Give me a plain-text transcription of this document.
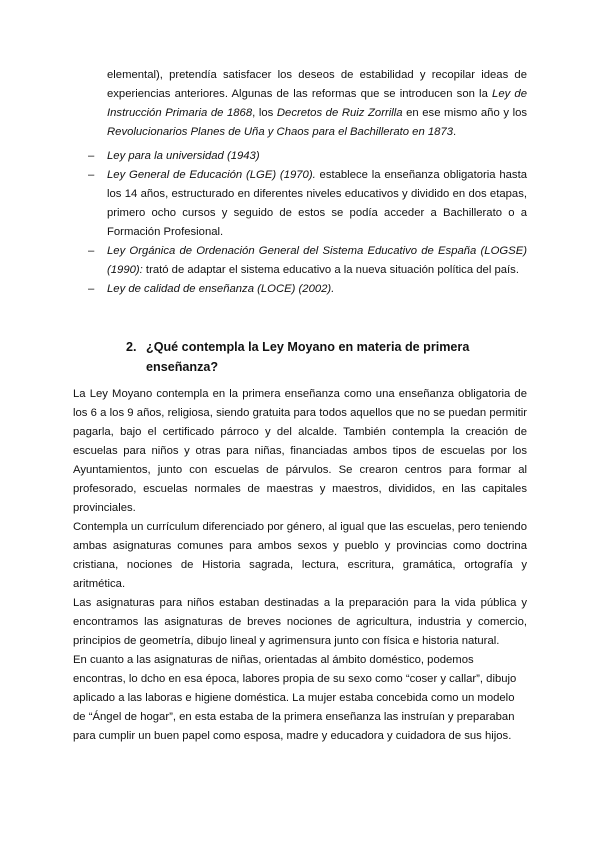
elemental), pretendía satisfacer los deseos de estabilidad y recopilar ideas de experiencias anteriores. Algunas de las reformas que se introducen son la Ley de Instrucción Primaria de 1868, los Decretos de Ruiz Zorrilla en ese mismo año y los Revolucionarios Planes de Uña y Chaos para el Bachillerato en 1873.

–	Ley para la universidad (1943)

–	Ley General de Educación (LGE) (1970). establece la enseñanza obligatoria hasta los 14 años, estructurado en diferentes niveles educativos y dividido en dos etapas, primero ocho cursos y seguido de estos se podía acceder a Bachillerato o a Formación Profesional.

–	Ley Orgánica de Ordenación General del Sistema Educativo de España (LOGSE) (1990): trató de adaptar el sistema educativo a la nueva situación política del país.

–	Ley de calidad de enseñanza (LOCE) (2002).

2. ¿Qué contempla la Ley Moyano en materia de primera enseñanza?

La Ley Moyano contempla en la primera enseñanza como una enseñanza obligatoria de los 6 a los 9 años, religiosa, siendo gratuita para todos aquellos que no se puedan permitir pagarla, bajo el certificado párroco y del alcalde. También contempla la creación de escuelas para niños y otras para niñas, financiadas ambos tipos de escuelas por los Ayuntamientos, junto con escuelas de párvulos. Se crearon centros para formar al profesorado, escuelas normales de maestras y maestros, divididos, en las capitales provinciales.

Contempla un currículum diferenciado por género, al igual que las escuelas, pero teniendo ambas asignaturas comunes para ambos sexos y pueblo y provincias como doctrina cristiana, nociones de Historia sagrada, lectura, escritura, gramática, ortografía y aritmética.

Las asignaturas para niños estaban destinadas a la preparación para la vida pública y encontramos las asignaturas de breves nociones de agricultura, industria y comercio, principios de geometría, dibujo lineal y agrimensura junto con física e historia natural.

En cuanto a las asignaturas de niñas, orientadas al ámbito doméstico, podemos encontras, lo dcho en esa época, labores propia de su sexo como “coser y callar”, dibujo aplicado a las laboras e higiene doméstica. La mujer estaba concebida como un modelo de “Ángel de hogar”, en esta estaba de la primera enseñanza las instruían y preparaban para cumplir un buen papel como esposa, madre y educadora y cuidadora de sus hijos.
